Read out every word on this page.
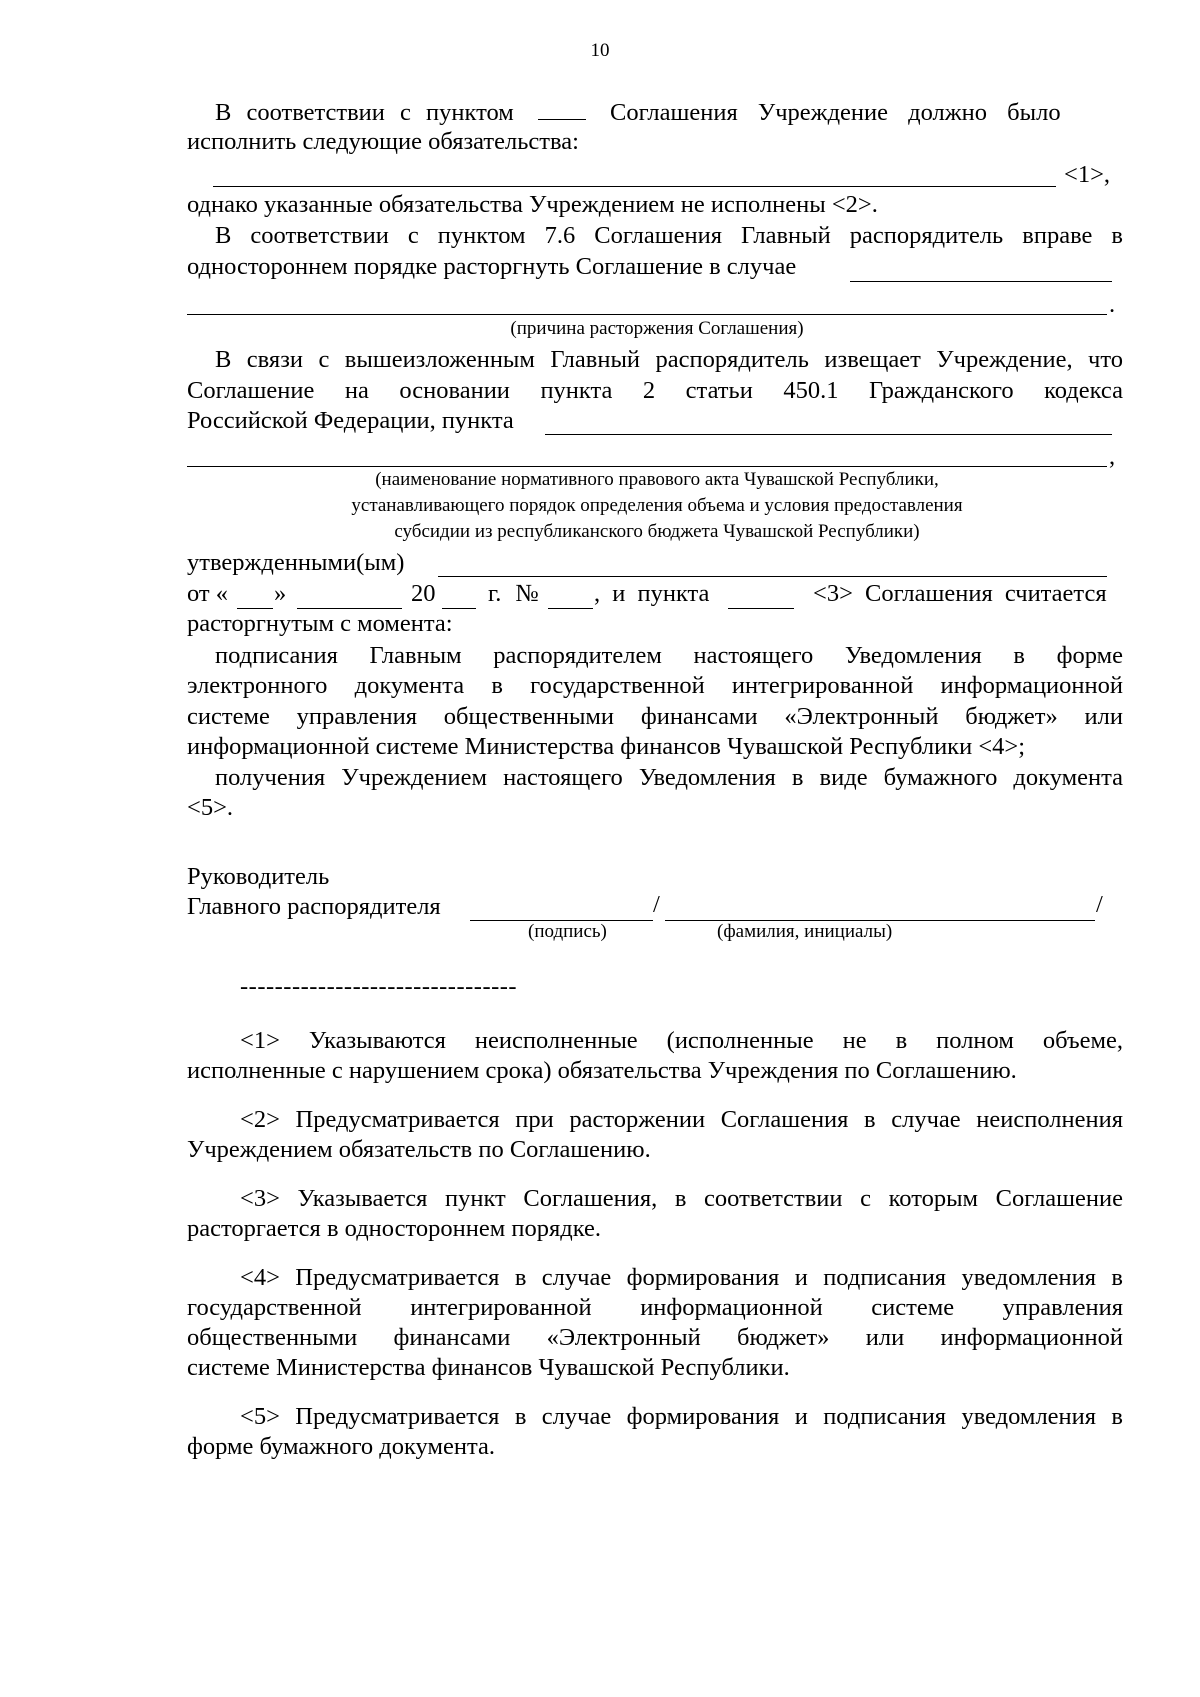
10
В соответствии с пунктом	Соглашения Учреждение должно было
исполнить следующие обязательства:
<1>,
однако указанные обязательства Учреждением не исполнены <2>.
В соответствии с пунктом 7.6 Соглашения Главный распорядитель вправе в
одностороннем порядке расторгнуть Соглашение в случае
.
(причина расторжения Соглашения)
В связи с вышеизложенным Главный распорядитель извещает Учреждение, что
Соглашение на основании пункта 2 статьи 450.1 Гражданского кодекса
Российской Федерации, пункта
,
(наименование нормативного правового акта Чувашской Республики,
устанавливающего порядок определения объема и условия предоставления
субсидии из республиканского бюджета Чувашской Республики)
утвержденными(ым)
от « »	20 г. № , и пункта	<3> Соглашения считается
расторгнутым с момента:
подписания Главным распорядителем настоящего Уведомления в форме
электронного документа в государственной интегрированной информационной
системе управления общественными финансами «Электронный бюджет» или
информационной системе Министерства финансов Чувашской Республики <4>;
получения Учреждением настоящего Уведомления в виде бумажного документа
<5>.
Руководитель
Главного распорядителя	/	/
(подпись)	(фамилия, инициалы)
--------------------------------
<1> Указываются неисполненные (исполненные не в полном объеме,
исполненные с нарушением срока) обязательства Учреждения по Соглашению.
<2> Предусматривается при расторжении Соглашения в случае неисполнения
Учреждением обязательств по Соглашению.
<3> Указывается пункт Соглашения, в соответствии с которым Соглашение
расторгается в одностороннем порядке.
<4> Предусматривается в случае формирования и подписания уведомления в
государственной интегрированной информационной системе управления
общественными финансами «Электронный бюджет» или информационной
системе Министерства финансов Чувашской Республики.
<5> Предусматривается в случае формирования и подписания уведомления в
форме бумажного документа.
